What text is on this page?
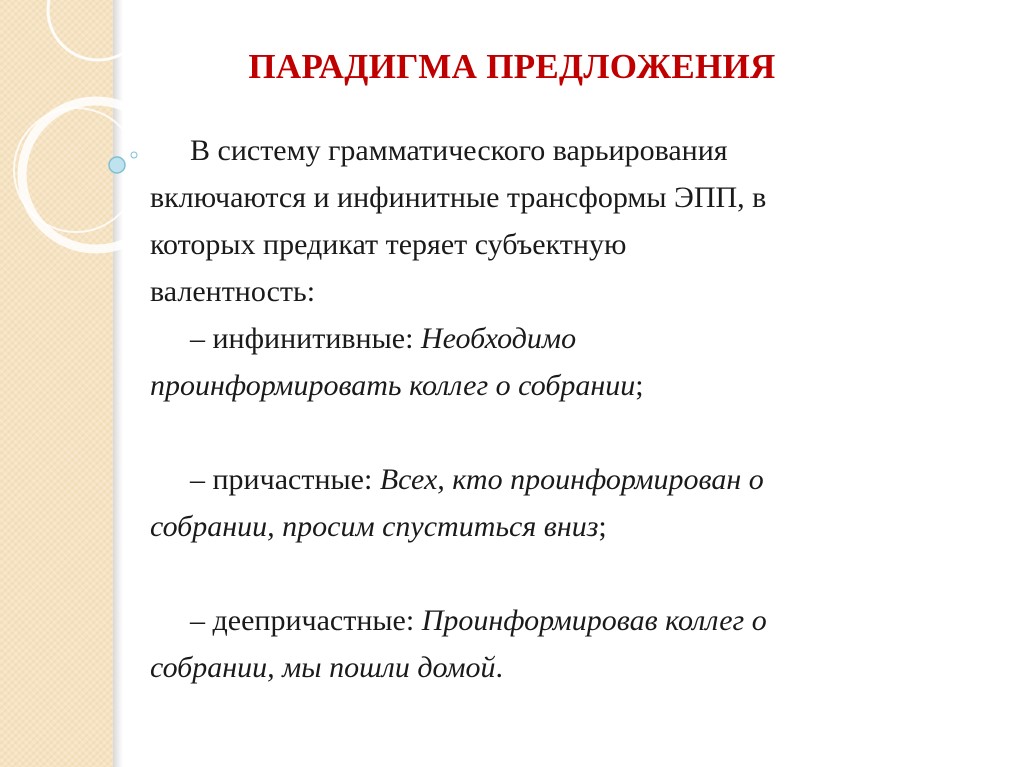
ПАРАДИГМА ПРЕДЛОЖЕНИЯ

В систему грамматического варьирования

включаются и инфинитные трансформы ЭПП, в

которых предикат теряет субъектную

валентность:

– инфинитивные: Необходимо

проинформировать коллег о собрании;

– причастные: Всех, кто проинформирован о

собрании, просим спуститься вниз;

– деепричастные: Проинформировав коллег о

собрании, мы пошли домой.
